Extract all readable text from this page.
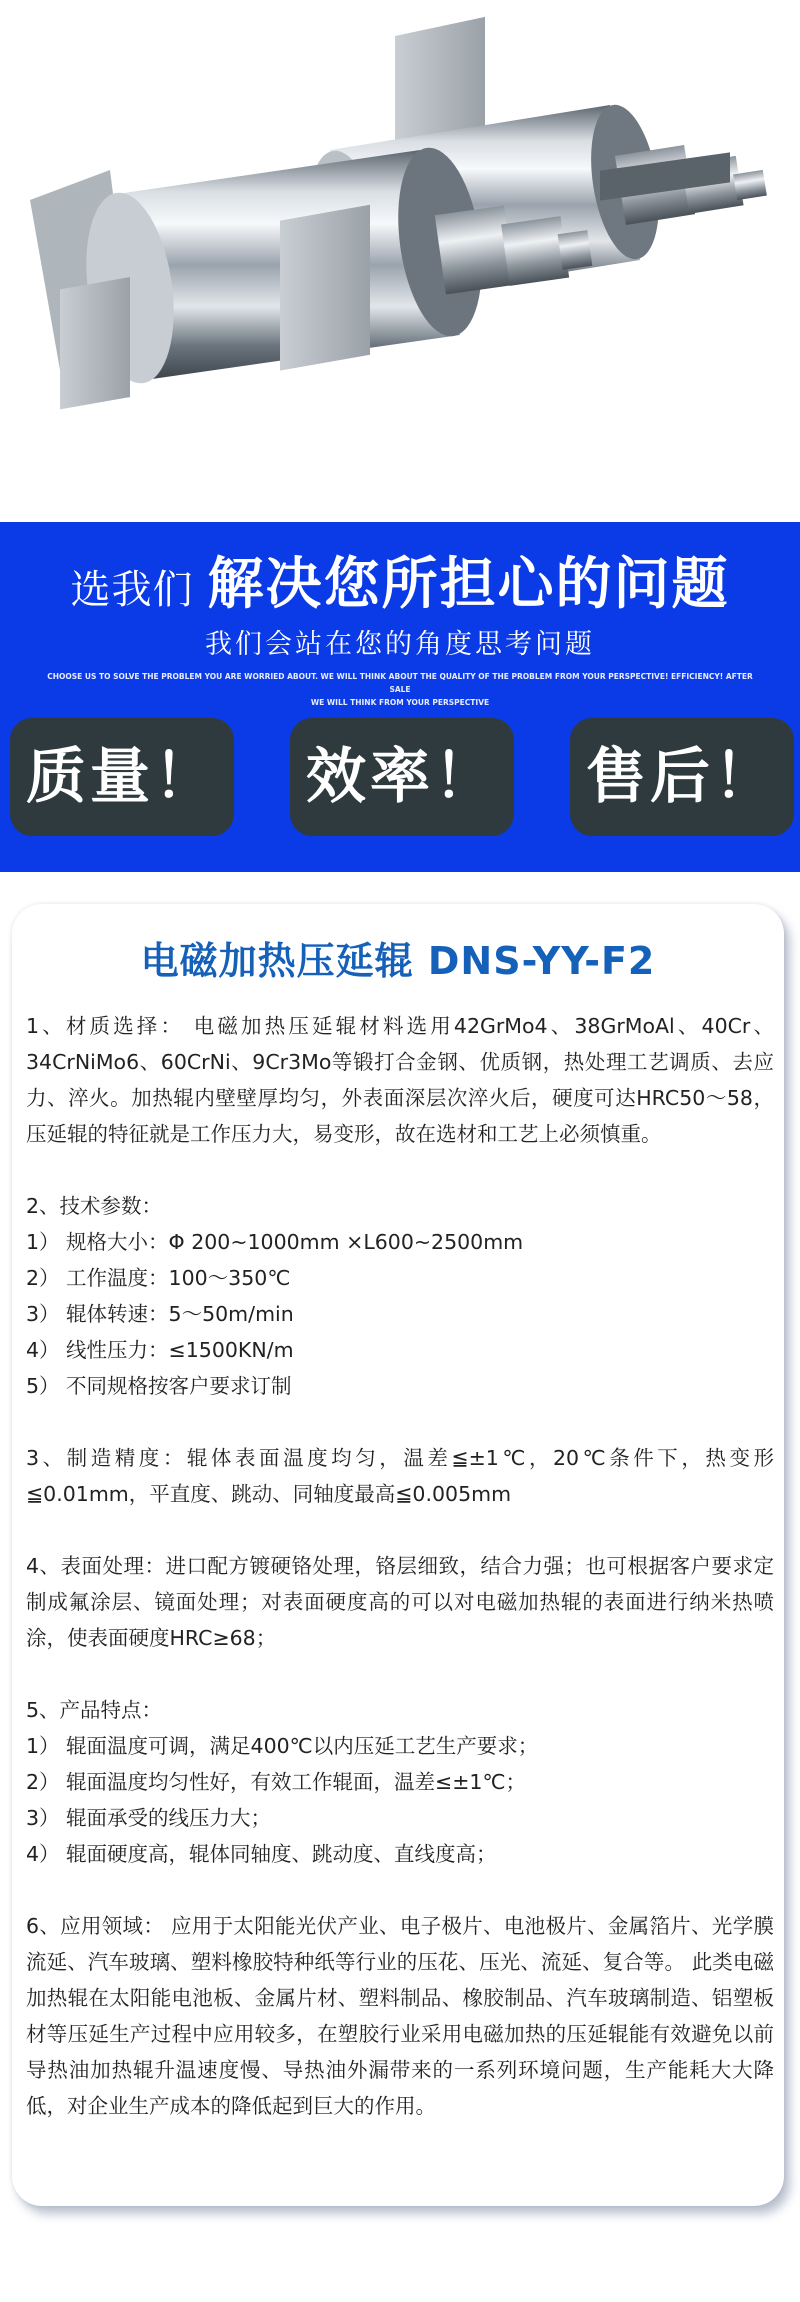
选我们 解决您所担心的问题
我们会站在您的角度思考问题
CHOOSE US TO SOLVE THE PROBLEM YOU ARE WORRIED ABOUT. WE WILL THINK ABOUT THE QUALITY OF THE PROBLEM FROM YOUR PERSPECTIVE! EFFICIENCY! AFTER SALE
WE WILL THINK FROM YOUR PERSPECTIVE
质量！ 效率！ 售后！
电磁加热压延辊 DNS-YY-F2

1、材质选择： 电磁加热压延辊材料选用42GrMo4、38GrMoAl、40Cr、34CrNiMo6、60CrNi、9Cr3Mo等锻打合金钢、优质钢，热处理工艺调质、去应力、淬火。加热辊内壁壁厚均匀，外表面深层次淬火后，硬度可达HRC50～58，压延辊的特征就是工作压力大，易变形，故在选材和工艺上必须慎重。

2、技术参数：

1） 规格大小：Φ 200~1000mm ×L600~2500mm

2） 工作温度：100～350℃

3） 辊体转速：5～50m/min

4） 线性压力：≤1500KN/m

5） 不同规格按客户要求订制

3、制造精度：辊体表面温度均匀，温差≦±1℃，20℃条件下，热变形≦0.01mm，平直度、跳动、同轴度最高≦0.005mm

4、表面处理：进口配方镀硬铬处理，铬层细致，结合力强；也可根据客户要求定制成氟涂层、镜面处理；对表面硬度高的可以对电磁加热辊的表面进行纳米热喷涂，使表面硬度HRC≥68；

5、产品特点：

1） 辊面温度可调，满足400℃以内压延工艺生产要求；

2） 辊面温度均匀性好，有效工作辊面，温差≤±1℃；

3） 辊面承受的线压力大；

4） 辊面硬度高，辊体同轴度、跳动度、直线度高；

6、应用领域： 应用于太阳能光伏产业、电子极片、电池极片、金属箔片、光学膜流延、汽车玻璃、塑料橡胶特种纸等行业的压花、压光、流延、复合等。 此类电磁加热辊在太阳能电池板、金属片材、塑料制品、橡胶制品、汽车玻璃制造、铝塑板材等压延生产过程中应用较多，在塑胶行业采用电磁加热的压延辊能有效避免以前导热油加热辊升温速度慢、导热油外漏带来的一系列环境问题，生产能耗大大降低，对企业生产成本的降低起到巨大的作用。
